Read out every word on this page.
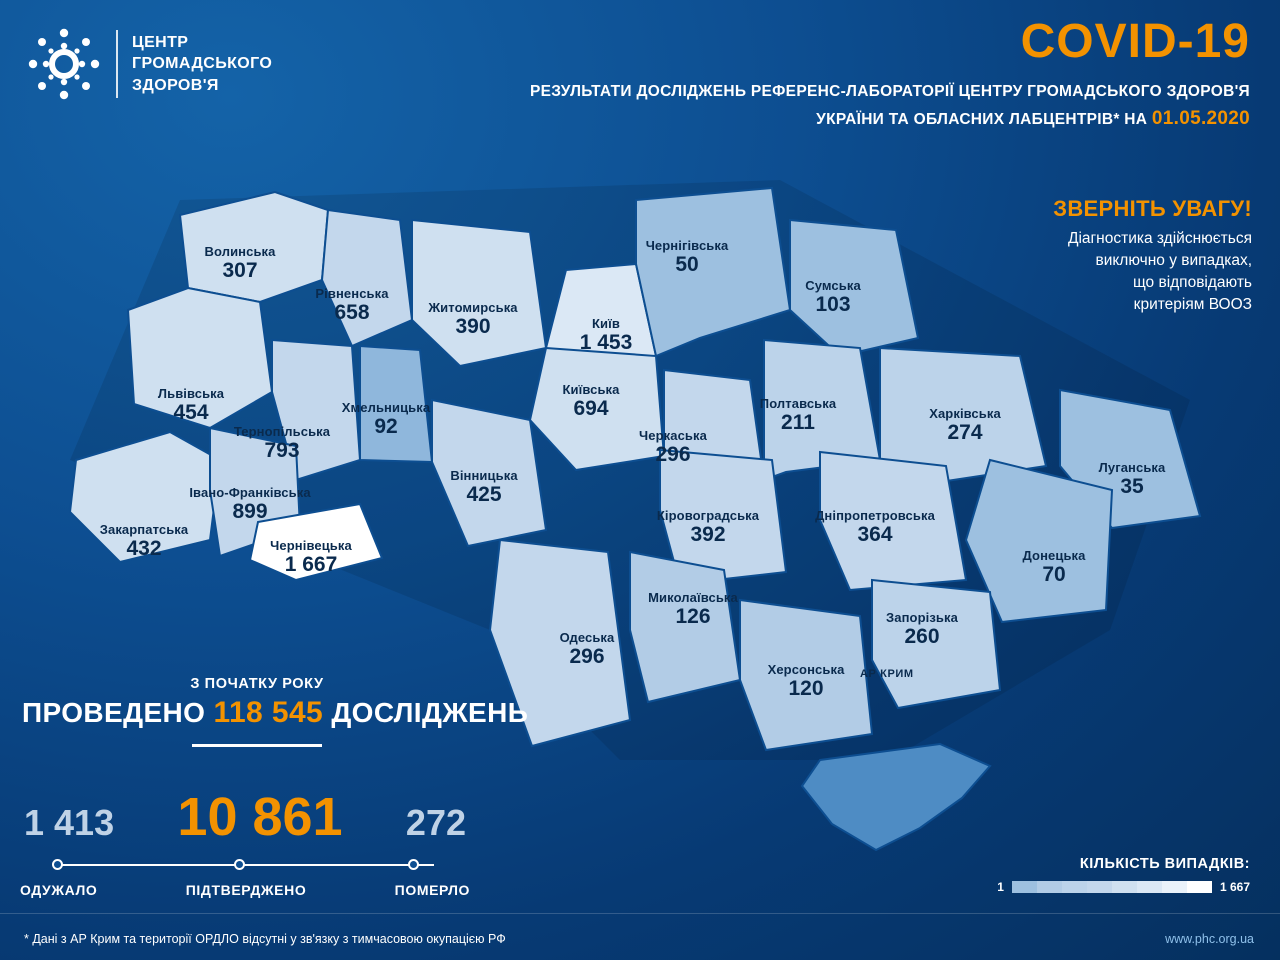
ЦЕНТР
ГРОМАДСЬКОГО
ЗДОРОВ'Я
COVID-19
РЕЗУЛЬТАТИ ДОСЛІДЖЕНЬ РЕФЕРЕНС-ЛАБОРАТОРІЇ ЦЕНТРУ ГРОМАДСЬКОГО ЗДОРОВ'Я
УКРАЇНИ ТА ОБЛАСНИХ ЛАБЦЕНТРІВ* НА 01.05.2020
ЗВЕРНІТЬ УВАГУ!
Діагностика здійснюється
виключно у випадках,
що відповідають
критеріям ВООЗ
Волинська
307
Рівненська
658	Житомирська
390	Київ
1 453
Чернігівська
50
Сумська
103
Львівська
454
Тернопільська
793
Хмельницька
92
Київська
694
Черкаська
296
Полтавська
211	Харківська
274
Луганська
35
Закарпатська
432
Івано-Франківська
899
Чернівецька
1 667
Вінницька
425
Кіровоградська
392
Дніпропетровська
364
Донецька
70
Одеська
296
Миколаївська
126
Херсонська
120
Запорізька
260
АР КРИМ
З ПОЧАТКУ РОКУ
ПРОВЕДЕНО 118 545 ДОСЛІДЖЕНЬ
1 413 10 861 272
ОДУЖАЛО	ПІДТВЕРДЖЕНО	ПОМЕРЛО
КІЛЬКІСТЬ ВИПАДКІВ:
1	1 667
* Дані з АР Крим та території ОРДЛО відсутні у зв'язку з тимчасовою окупацією РФ	www.phc.org.ua
